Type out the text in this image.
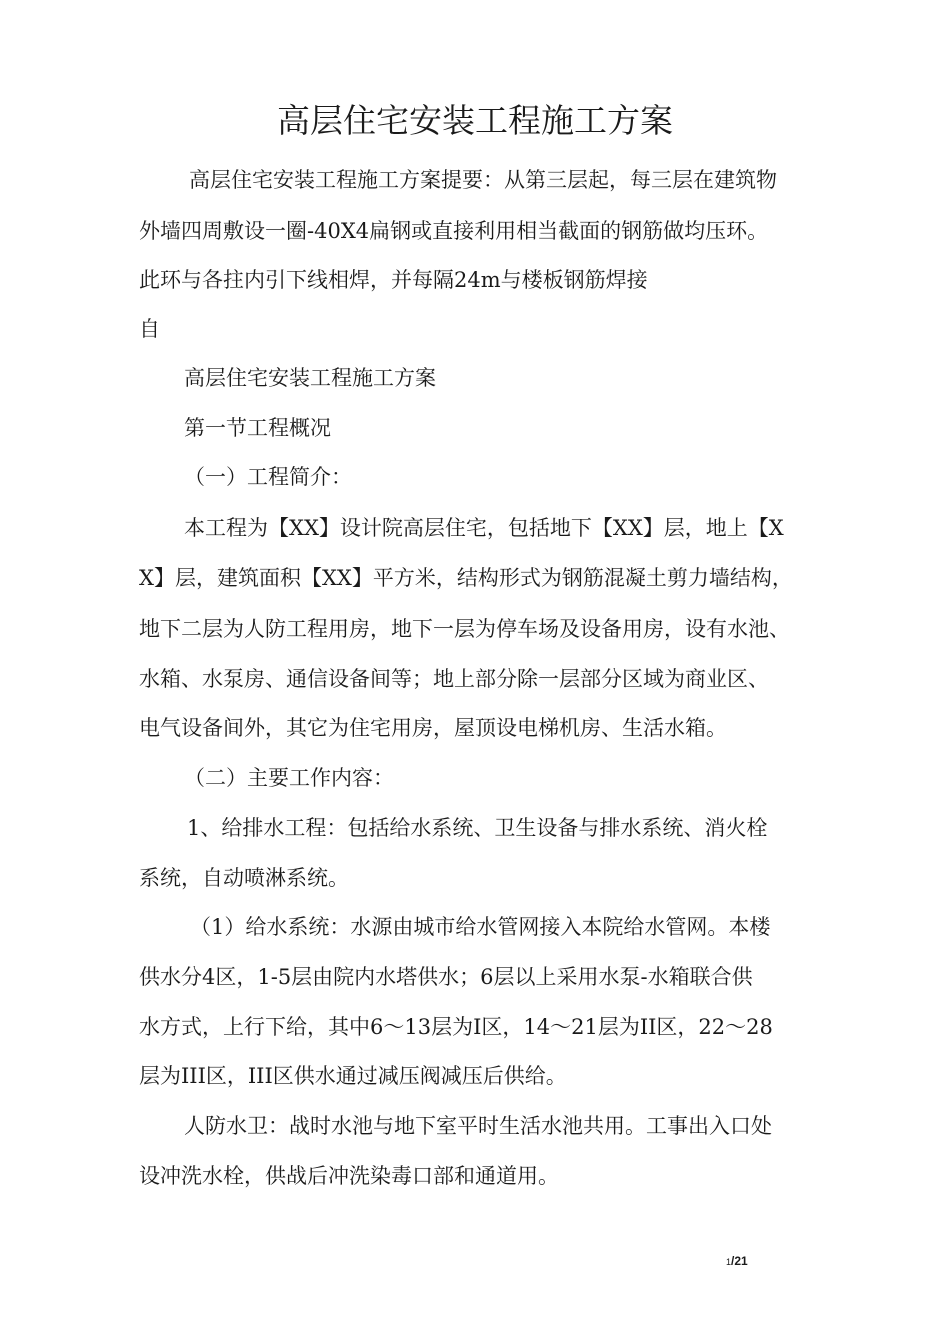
高层住宅安装工程施工方案
高层住宅安装工程施工方案提要：从第三层起，每三层在建筑物
外墙四周敷设一圈-40X4扁钢或直接利用相当截面的钢筋做均压环。
此环与各拄内引下线相焊，并每隔24m与楼板钢筋焊接
自
高层住宅安装工程施工方案
第一节工程概况
（一）工程简介：
本工程为【XX】设计院高层住宅，包括地下【XX】层，地上【X
X】层，建筑面积【XX】平方米，结构形式为钢筋混凝土剪力墙结构，
地下二层为人防工程用房，地下一层为停车场及设备用房，设有水池、
水箱、水泵房、通信设备间等；地上部分除一层部分区域为商业区、
电气设备间外，其它为住宅用房，屋顶设电梯机房、生活水箱。
（二）主要工作内容：
1、给排水工程：包括给水系统、卫生设备与排水系统、消火栓
系统，自动喷淋系统。
（1）给水系统：水源由城市给水管网接入本院给水管网。本楼
供水分4区，1-5层由院内水塔供水；6层以上采用水泵-水箱联合供
水方式，上行下给，其中6〜13层为I区，14〜21层为II区，22〜28
层为III区，III区供水通过减压阀减压后供给。
人防水卫：战时水池与地下室平时生活水池共用。工事出入口处
设冲洗水栓，供战后冲洗染毒口部和通道用。
1/21
